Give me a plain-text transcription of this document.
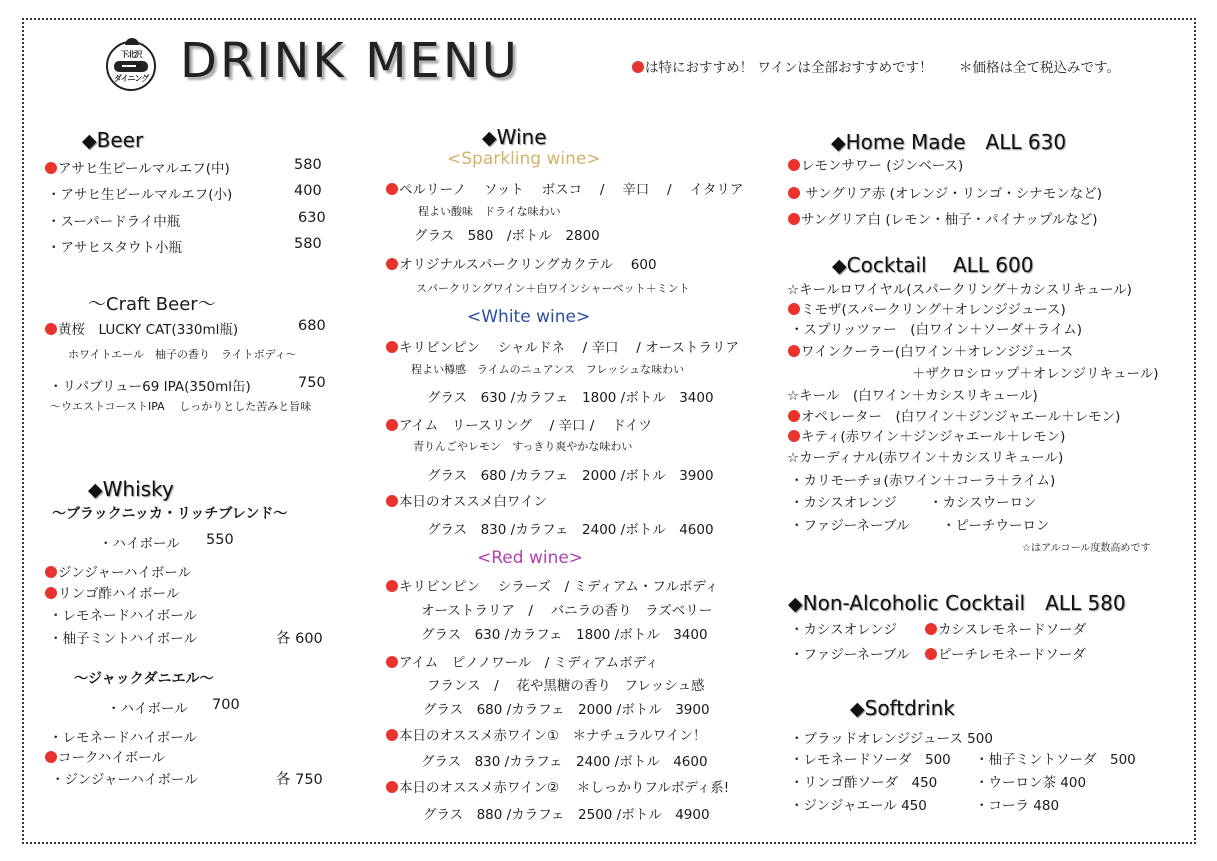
下北沢
ダイニング DRINK MENU	は特におすすめ！ ワインは全部おすすめです！ ＊価格は全て税込みです。
◆Beer
アサヒ生ビールマルエフ(中)	580
・ アサヒ生ビールマルエフ(小)	400
・ スーパードライ中瓶	630
・ アサヒスタウト小瓶	580
～Craft Beer～
黄桜　LUCKY CAT(330ml瓶)	680
ホワイトエール　柚子の香り　ライトボディ～
・ リパブリュー69 IPA(350ml缶)	750
～ウエストコーストIPA　 しっかりとした苦みと旨味
◆Whisky
～ブラックニッカ・リッチブレンド～
・ ハイボール 550
ジンジャーハイボール
リンゴ酢ハイボール
・ レモネードハイボール
・ 柚子ミントハイボール	各 600
～ジャックダニエル～
・ ハイボール 700
・ レモネードハイボール
コークハイボール
・ ジンジャーハイボール	各 750
◆Wine
<Sparkling wine>
ペルリーノ　 ソット　 ボスコ　 /　 辛口　 /　 イタリア
程よい酸味　ドライな味わい
グラス　580　/ボトル　2800
オリジナルスパークリングカクテル　 600
スパークリングワイン＋白ワインシャーベット＋ミント
<White wine>
キリピンピン　 シャルドネ　 / 辛口　 / オーストラリア
程よい樽感　ライムのニュアンス　フレッシュな味わい
グラス　630 /カラフェ　1800 /ボトル　3400
アイム　リースリング　 / 辛口 /　 ドイツ
青りんごやレモン　すっきり爽やかな味わい
グラス　680 /カラフェ　2000 /ボトル　3900
本日のオススメ白ワイン
グラス　830 /カラフェ　2400 /ボトル　4600
<Red wine>
キリピンピン　 シラーズ　/ ミディアム・フルボディ
オーストラリア　/　 バニラの香り　ラズベリー
グラス　630 /カラフェ　1800 /ボトル　3400
アイム　ピノノワール　/ ミディアムボディ
フランス　/　 花や黒糖の香り　フレッシュ感
グラス　680 /カラフェ　2000 /ボトル　3900
本日のオススメ赤ワイン①　＊ナチュラルワイン！
グラス　830 /カラフェ　2400 /ボトル　4600
本日のオススメ赤ワイン②　 ＊しっかりフルボディ系!
グラス　880 /カラフェ　2500 /ボトル　4900
◆Home Made　ALL 630
レモンサワー (ジンベース)
サングリア赤 (オレンジ・リンゴ・シナモンなど)
サングリア白 (レモン・柚子・パイナップルなど)
◆Cocktail　 ALL 600
☆キールロワイヤル(スパークリング＋カシスリキュール)
ミモザ(スパークリング＋オレンジジュース)
・ スプリッツァー　(白ワイン＋ソーダ＋ライム)
ワインクーラー(白ワイン＋オレンジジュース
＋ザクロシロップ＋オレンジリキュール)
☆キール　(白ワイン＋カシスリキュール)
オペレーター　(白ワイン＋ジンジャエール＋レモン)
キティ(赤ワイン＋ジンジャエール＋レモン)
☆カーディナル(赤ワイン＋カシスリキュール)
・ カリモーチョ(赤ワイン＋コーラ＋ライム)
・ カシスオレンジ	・ カシスウーロン
・ ファジーネーブル	・ ピーチウーロン
☆はアルコール度数高めです
◆Non-Alcoholic Cocktail　ALL 580
・ カシスオレンジ	カシスレモネードソーダ
・ ファジーネーブル	ピーチレモネードソーダ
◆Softdrink
・ ブラッドオレンジジュース 500
・ レモネードソーダ　500	・ 柚子ミントソーダ　500
・ リンゴ酢ソーダ　450	・ ウーロン茶 400
・ ジンジャエール 450	・ コーラ 480
